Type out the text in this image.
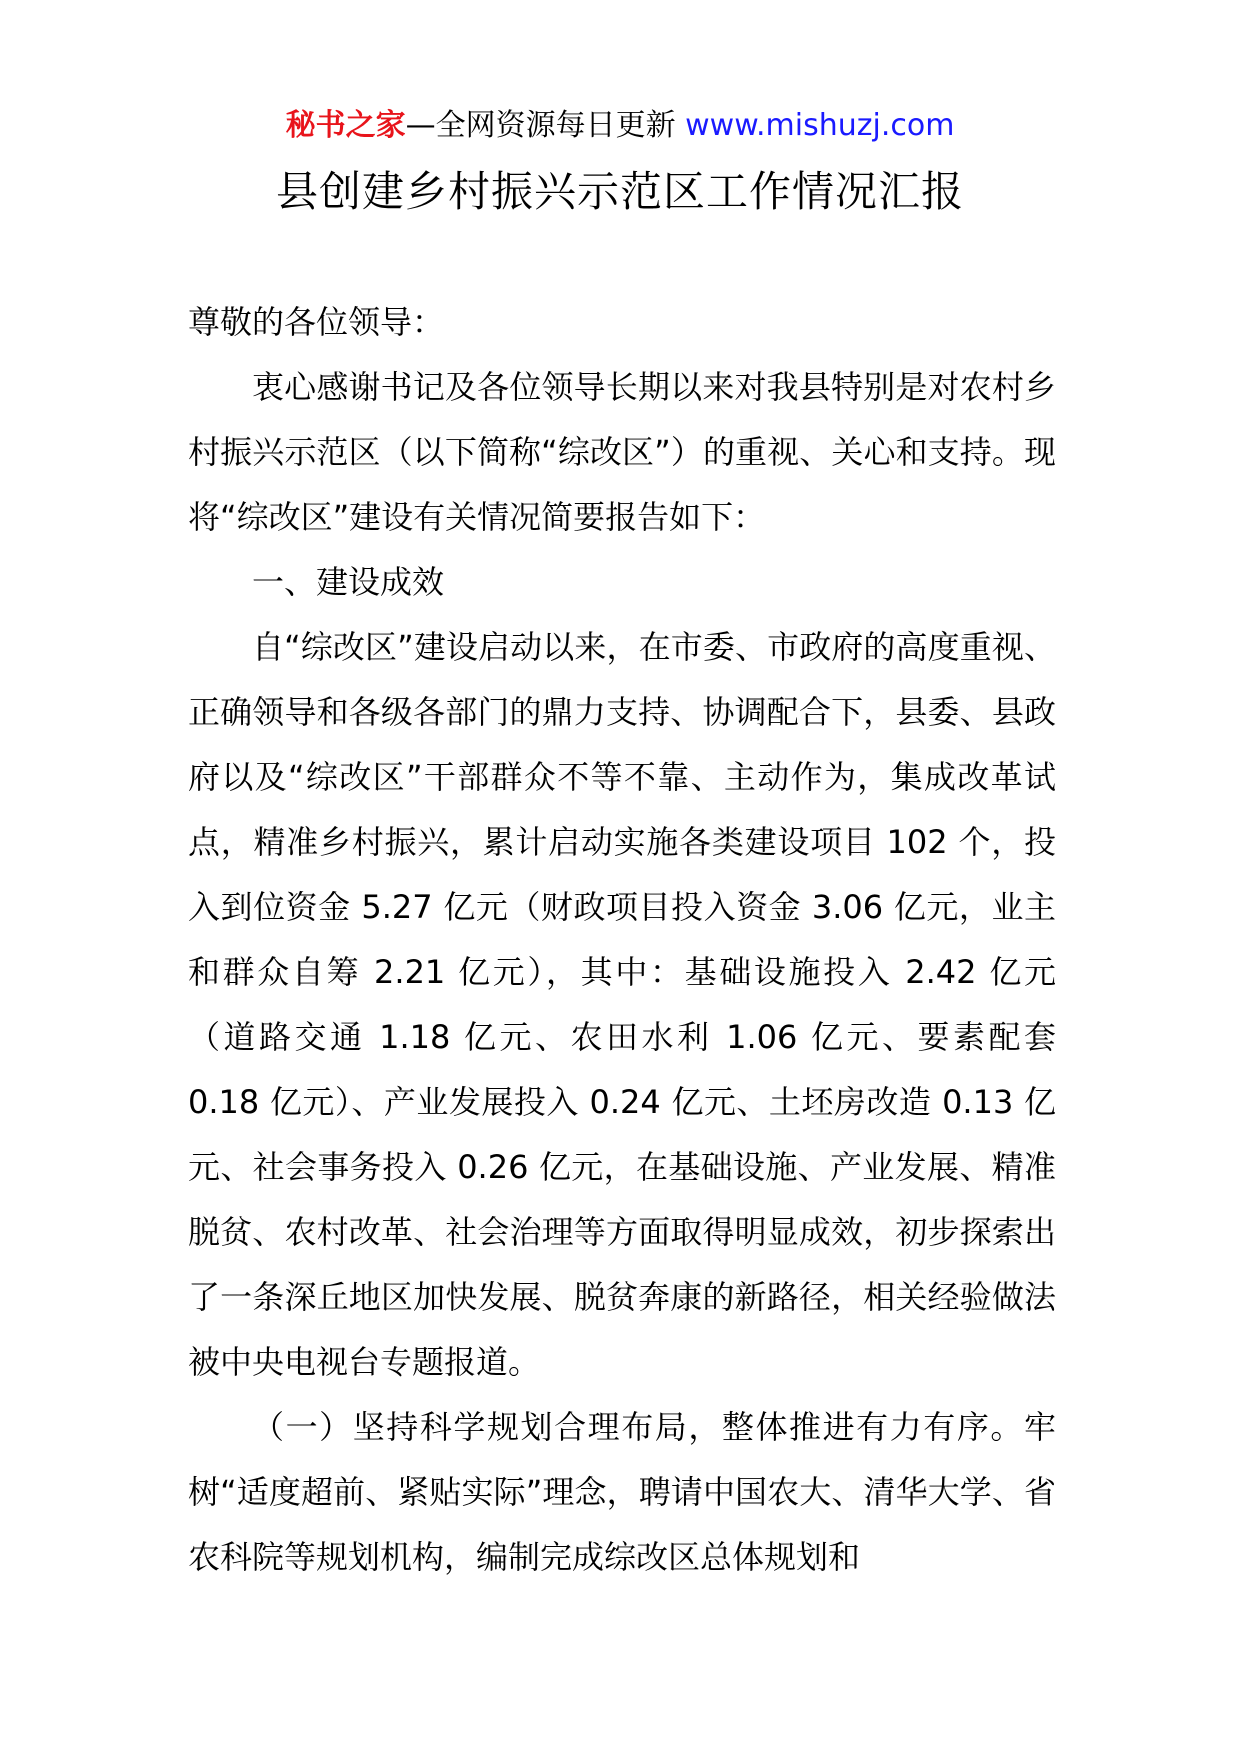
秘书之家—全网资源每日更新 www.mishuzj.com
县创建乡村振兴示范区工作情况汇报

尊敬的各位领导：

衷心感谢书记及各位领导长期以来对我县特别是对农村乡村振兴示范区（以下简称“综改区”）的重视、关心和支持。现将“综改区”建设有关情况简要报告如下：

一、建设成效

自“综改区”建设启动以来，在市委、市政府的高度重视、正确领导和各级各部门的鼎力支持、协调配合下，县委、县政府以及“综改区”干部群众不等不靠、主动作为，集成改革试点，精准乡村振兴，累计启动实施各类建设项目 102 个，投入到位资金 5.27 亿元（财政项目投入资金 3.06 亿元，业主和群众自筹 2.21 亿元），其中：基础设施投入 2.42 亿元（道路交通 1.18 亿元、农田水利 1.06 亿元、要素配套 0.18 亿元）、产业发展投入 0.24 亿元、土坯房改造 0.13 亿元、社会事务投入 0.26 亿元，在基础设施、产业发展、精准脱贫、农村改革、社会治理等方面取得明显成效，初步探索出了一条深丘地区加快发展、脱贫奔康的新路径，相关经验做法被中央电视台专题报道。

（一）坚持科学规划合理布局，整体推进有力有序。牢树“适度超前、紧贴实际”理念，聘请中国农大、清华大学、省农科院等规划机构，编制完成综改区总体规划和
